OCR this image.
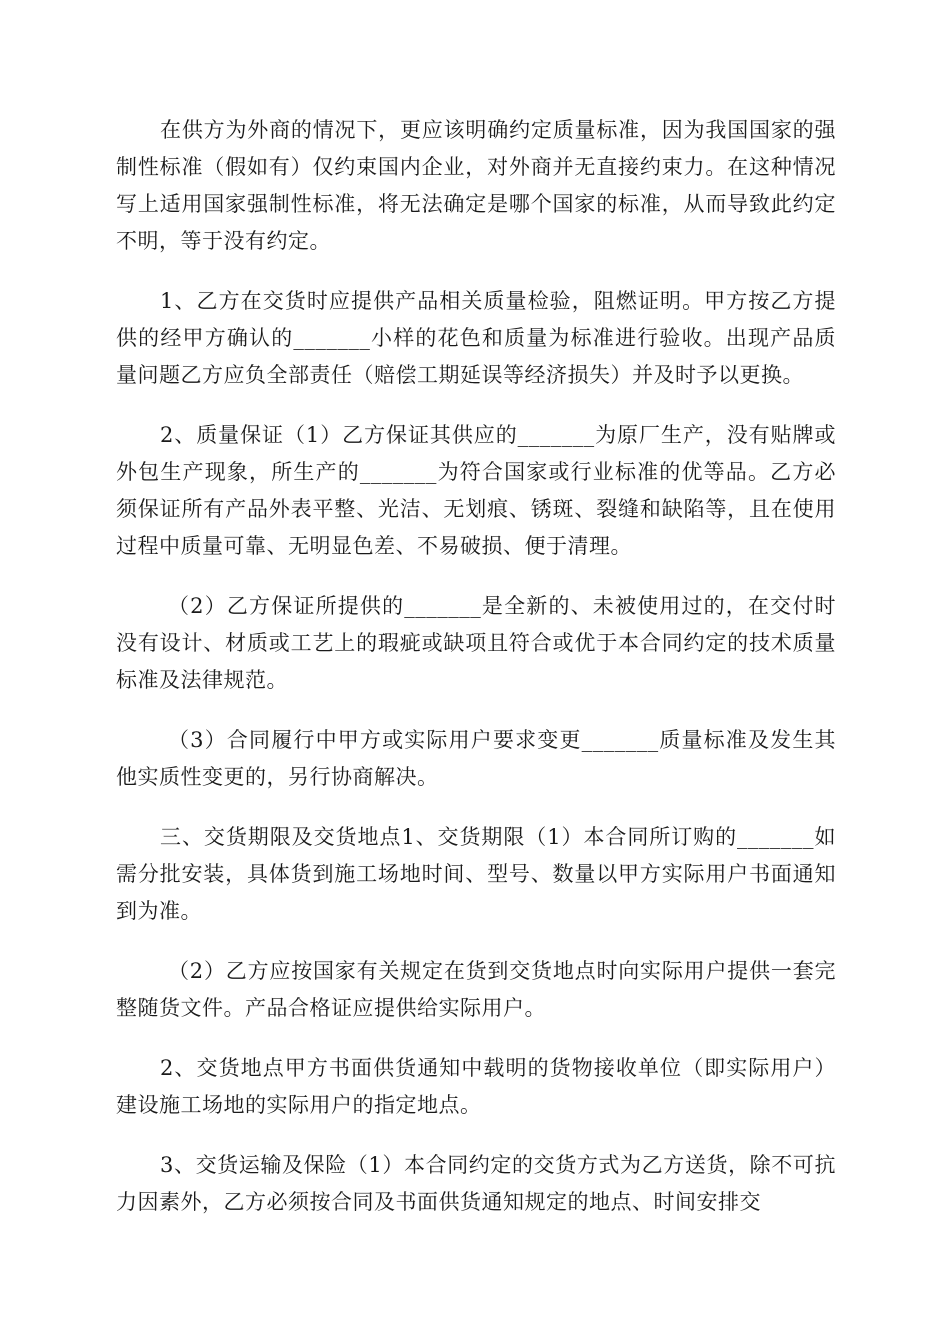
在供方为外商的情况下，更应该明确约定质量标准，因为我国国家的强制性标准（假如有）仅约束国内企业，对外商并无直接约束力。在这种情况写上适用国家强制性标准，将无法确定是哪个国家的标准，从而导致此约定不明，等于没有约定。

1、乙方在交货时应提供产品相关质量检验，阻燃证明。甲方按乙方提供的经甲方确认的_______小样的花色和质量为标准进行验收。出现产品质量问题乙方应负全部责任（赔偿工期延误等经济损失）并及时予以更换。

2、质量保证（1）乙方保证其供应的_______为原厂生产，没有贴牌或外包生产现象，所生产的_______为符合国家或行业标准的优等品。乙方必须保证所有产品外表平整、光洁、无划痕、锈斑、裂缝和缺陷等，且在使用过程中质量可靠、无明显色差、不易破损、便于清理。

（2）乙方保证所提供的_______是全新的、未被使用过的，在交付时没有设计、材质或工艺上的瑕疵或缺项且符合或优于本合同约定的技术质量标准及法律规范。

（3）合同履行中甲方或实际用户要求变更_______质量标准及发生其他实质性变更的，另行协商解决。

三、交货期限及交货地点1、交货期限（1）本合同所订购的_______如需分批安装，具体货到施工场地时间、型号、数量以甲方实际用户书面通知到为准。

（2）乙方应按国家有关规定在货到交货地点时向实际用户提供一套完整随货文件。产品合格证应提供给实际用户。

2、交货地点甲方书面供货通知中载明的货物接收单位（即实际用户）建设施工场地的实际用户的指定地点。

3、交货运输及保险（1）本合同约定的交货方式为乙方送货，除不可抗力因素外，乙方必须按合同及书面供货通知规定的地点、时间安排交
